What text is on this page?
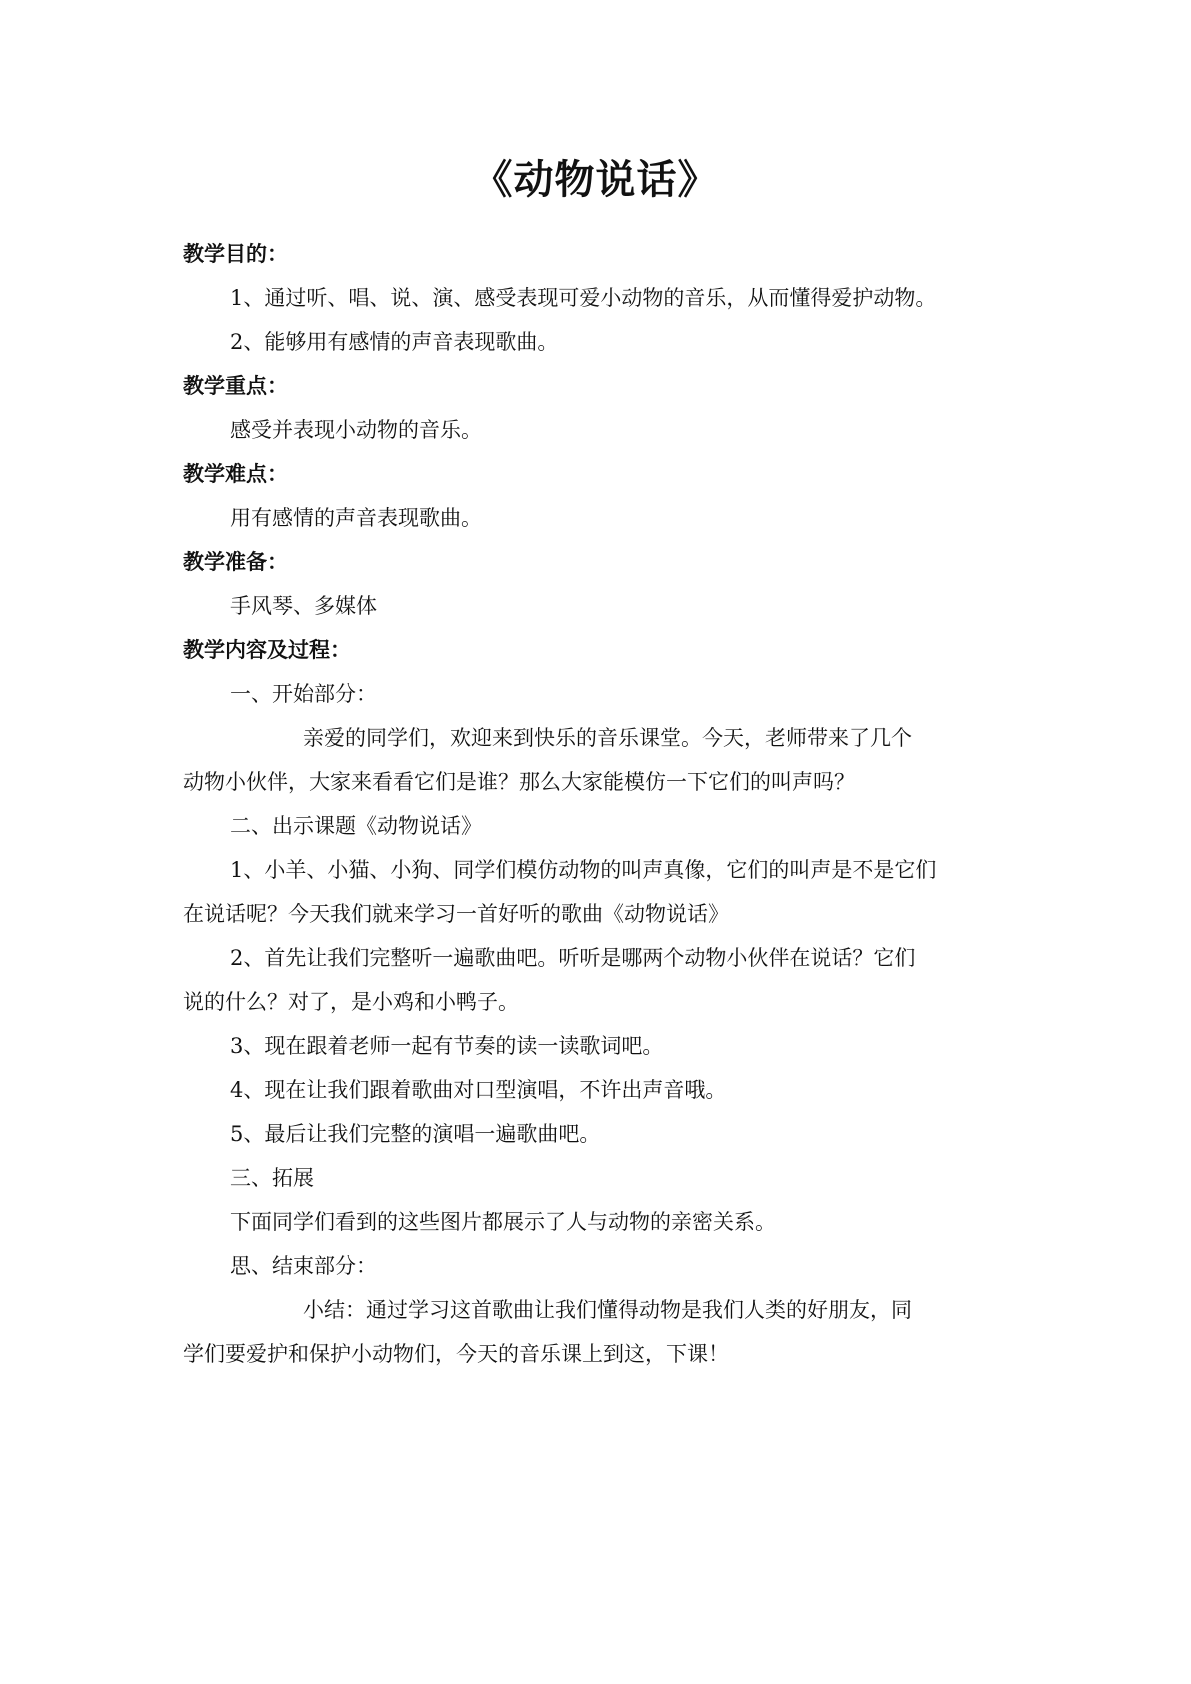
《动物说话》
教学目的：
1、通过听、唱、说、演、感受表现可爱小动物的音乐，从而懂得爱护动物。
2、能够用有感情的声音表现歌曲。
教学重点：
感受并表现小动物的音乐。
教学难点：
用有感情的声音表现歌曲。
教学准备：
手风琴、多媒体
教学内容及过程：
一、开始部分：
亲爱的同学们，欢迎来到快乐的音乐课堂。今天，老师带来了几个
动物小伙伴，大家来看看它们是谁？那么大家能模仿一下它们的叫声吗？
二、出示课题《动物说话》
1、小羊、小猫、小狗、同学们模仿动物的叫声真像，它们的叫声是不是它们
在说话呢？今天我们就来学习一首好听的歌曲《动物说话》
2、首先让我们完整听一遍歌曲吧。听听是哪两个动物小伙伴在说话？它们
说的什么？对了，是小鸡和小鸭子。
3、现在跟着老师一起有节奏的读一读歌词吧。
4、现在让我们跟着歌曲对口型演唱，不许出声音哦。
5、最后让我们完整的演唱一遍歌曲吧。
三、拓展
下面同学们看到的这些图片都展示了人与动物的亲密关系。
思、结束部分：
小结：通过学习这首歌曲让我们懂得动物是我们人类的好朋友，同
学们要爱护和保护小动物们，今天的音乐课上到这，下课！
